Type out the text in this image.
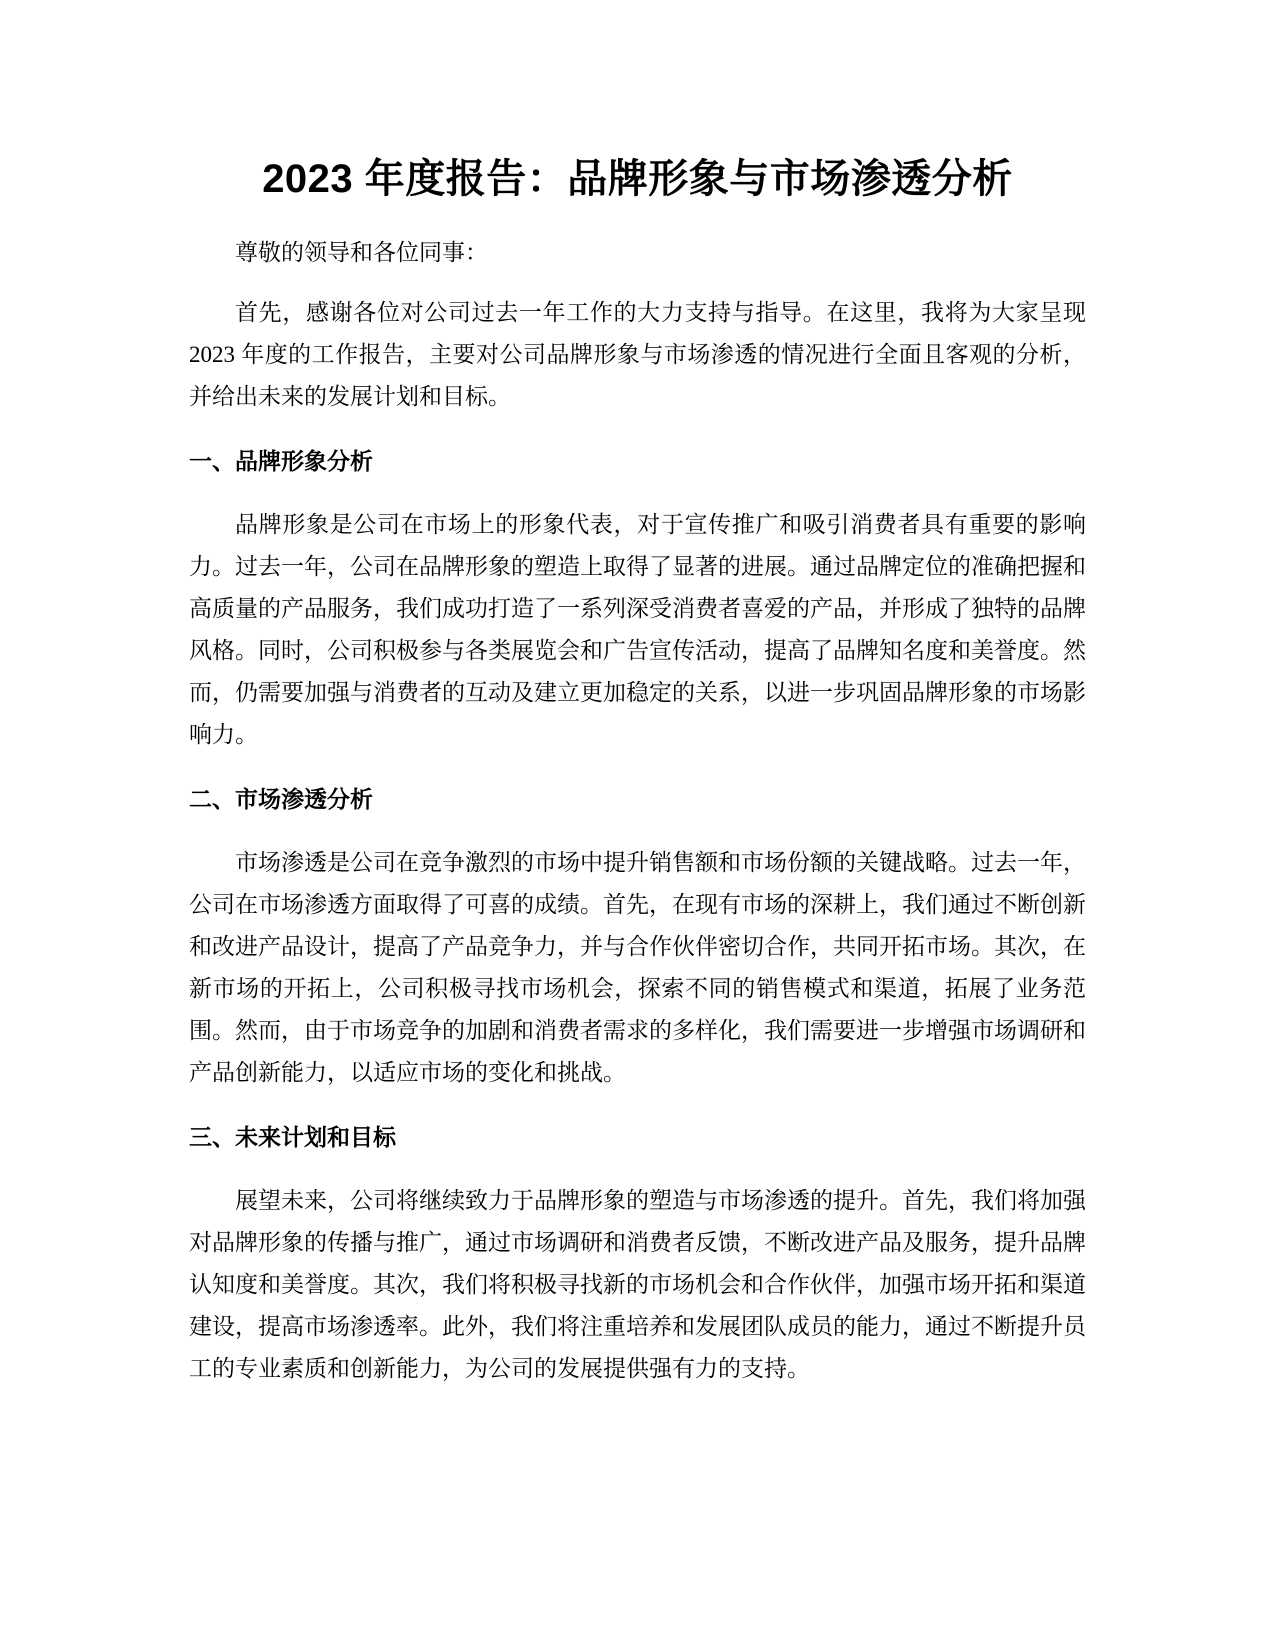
2023 年度报告：品牌形象与市场渗透分析

尊敬的领导和各位同事：

首先，感谢各位对公司过去一年工作的大力支持与指导。在这里，我将为大家呈现 2023 年度的工作报告，主要对公司品牌形象与市场渗透的情况进行全面且客观的分析，并给出未来的发展计划和目标。

一、品牌形象分析

品牌形象是公司在市场上的形象代表，对于宣传推广和吸引消费者具有重要的影响力。过去一年，公司在品牌形象的塑造上取得了显著的进展。通过品牌定位的准确把握和高质量的产品服务，我们成功打造了一系列深受消费者喜爱的产品，并形成了独特的品牌风格。同时，公司积极参与各类展览会和广告宣传活动，提高了品牌知名度和美誉度。然而，仍需要加强与消费者的互动及建立更加稳定的关系，以进一步巩固品牌形象的市场影响力。

二、市场渗透分析

市场渗透是公司在竞争激烈的市场中提升销售额和市场份额的关键战略。过去一年，公司在市场渗透方面取得了可喜的成绩。首先，在现有市场的深耕上，我们通过不断创新和改进产品设计，提高了产品竞争力，并与合作伙伴密切合作，共同开拓市场。其次，在新市场的开拓上，公司积极寻找市场机会，探索不同的销售模式和渠道，拓展了业务范围。然而，由于市场竞争的加剧和消费者需求的多样化，我们需要进一步增强市场调研和产品创新能力，以适应市场的变化和挑战。

三、未来计划和目标

展望未来，公司将继续致力于品牌形象的塑造与市场渗透的提升。首先，我们将加强对品牌形象的传播与推广，通过市场调研和消费者反馈，不断改进产品及服务，提升品牌认知度和美誉度。其次，我们将积极寻找新的市场机会和合作伙伴，加强市场开拓和渠道建设，提高市场渗透率。此外，我们将注重培养和发展团队成员的能力，通过不断提升员工的专业素质和创新能力，为公司的发展提供强有力的支持。
